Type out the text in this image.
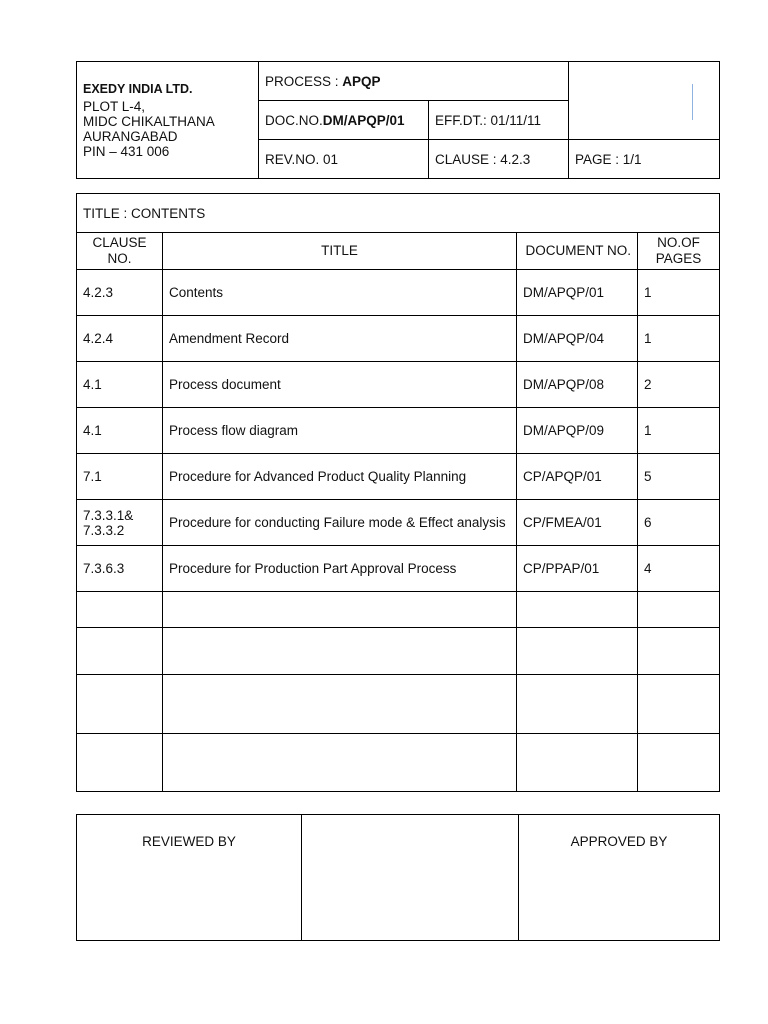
EXEDY INDIA LTD.
PLOT L-4,
MIDC CHIKALTHANA
AURANGABAD
PIN – 431 006	PROCESS : APQP		

	DOC.NO.DM/APQP/01	EFF.DT.: 01/11/11	
	REV.NO. 01	CLAUSE : 4.2.3	PAGE : 1/1
TITLE : CONTENTS			
CLAUSE NO.	TITLE	DOCUMENT NO.	NO.OF PAGES
4.2.3	Contents	DM/APQP/01	1
4.2.4	Amendment Record	DM/APQP/04	1
4.1	Process document	DM/APQP/08	2
4.1	Process flow diagram	DM/APQP/09	1
7.1	Procedure for Advanced Product Quality Planning	CP/APQP/01	5
7.3.3.1& 7.3.3.2	Procedure for conducting Failure mode & Effect analysis	CP/FMEA/01	6
7.3.6.3	Procedure for Production Part Approval Process	CP/PPAP/01	4

REVIEWED BY		APPROVED BY
